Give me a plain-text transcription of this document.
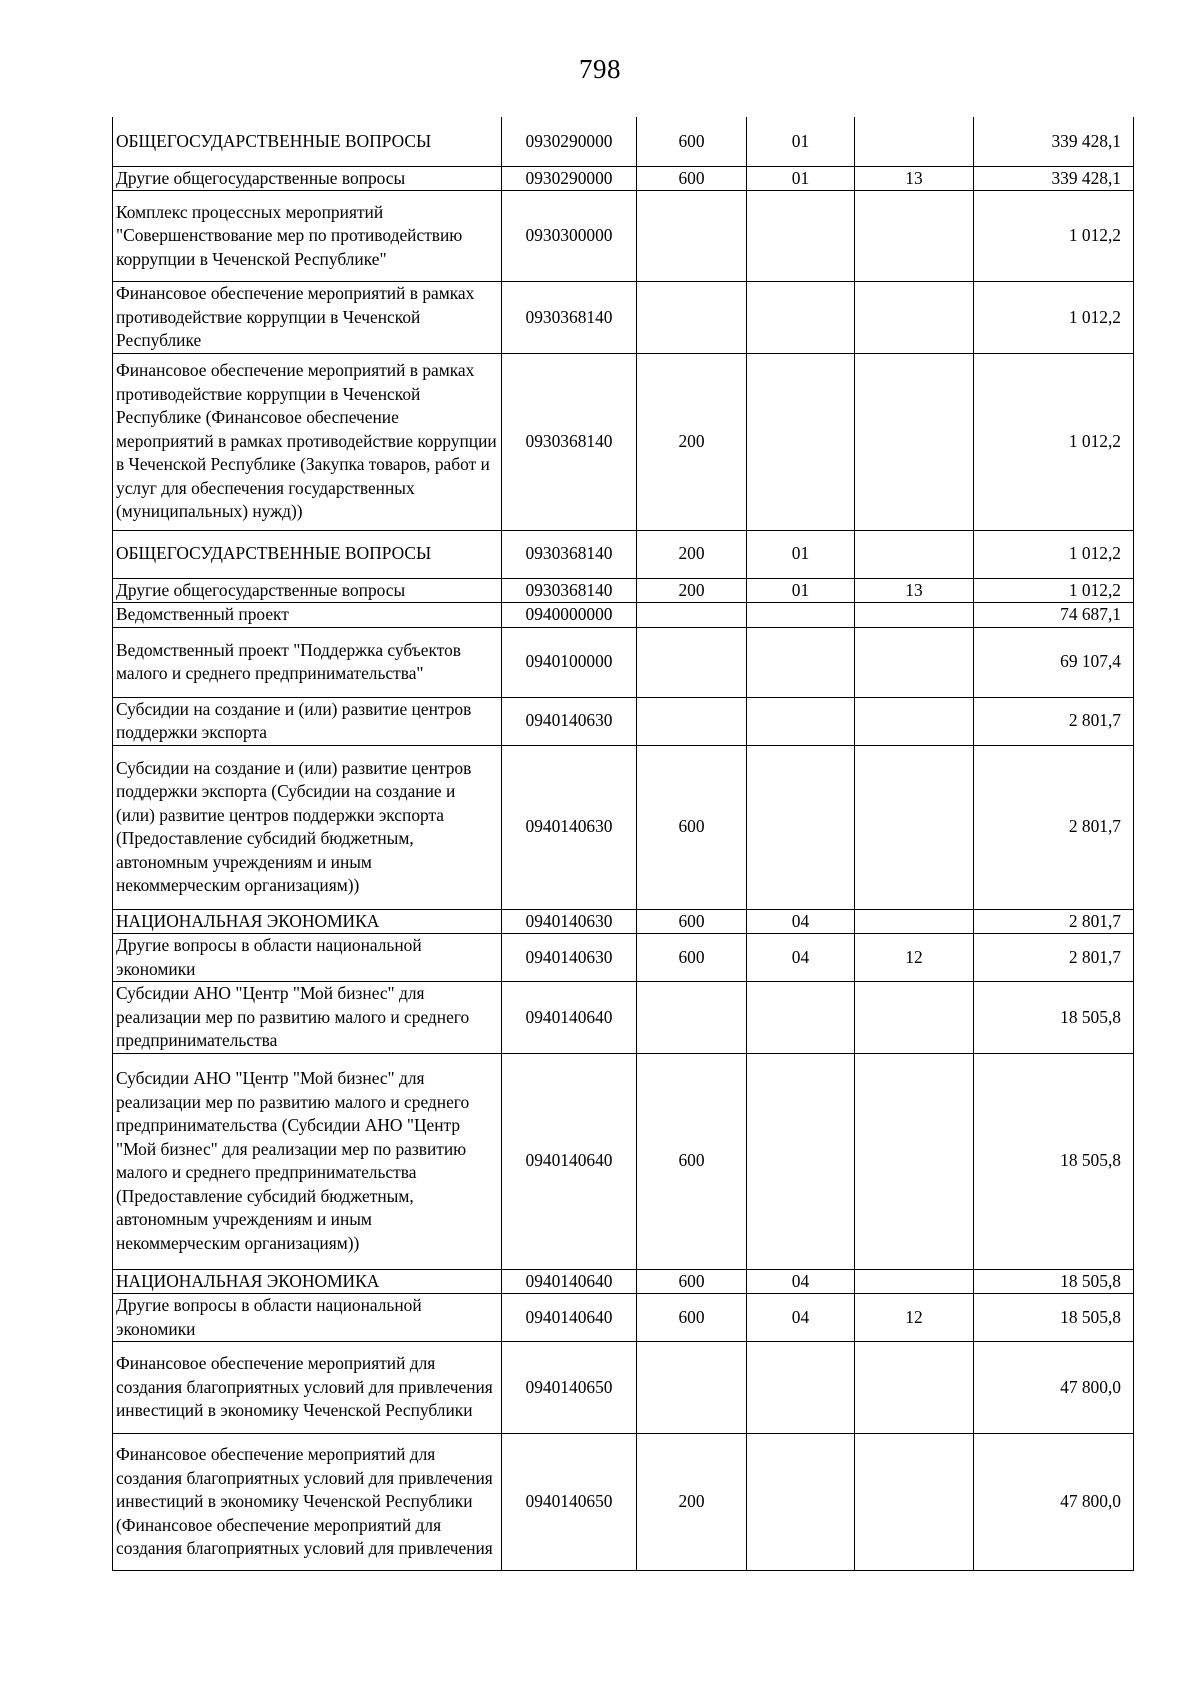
798
ОБЩЕГОСУДАРСТВЕННЫЕ ВОПРОСЫ	0930290000	600	01		339 428,1
Другие общегосударственные вопросы	0930290000	600	01	13	339 428,1
Комплекс процессных мероприятий "Совершенствование мер по противодействию коррупции в Чеченской Республике"	0930300000				1 012,2
Финансовое обеспечение мероприятий в рамках противодействие коррупции в Чеченской Республике	0930368140				1 012,2
Финансовое обеспечение мероприятий в рамках противодействие коррупции в Чеченской Республике (Финансовое обеспечение мероприятий в рамках противодействие коррупции в Чеченской Республике (Закупка товаров, работ и услуг для обеспечения государственных (муниципальных) нужд))	0930368140	200			1 012,2
ОБЩЕГОСУДАРСТВЕННЫЕ ВОПРОСЫ	0930368140	200	01		1 012,2
Другие общегосударственные вопросы	0930368140	200	01	13	1 012,2
Ведомственный проект	0940000000				74 687,1
Ведомственный проект "Поддержка субъектов малого и среднего предпринимательства"	0940100000				69 107,4
Субсидии на создание и (или) развитие центров поддержки экспорта	0940140630				2 801,7
Субсидии на создание и (или) развитие центров поддержки экспорта (Субсидии на создание и (или) развитие центров поддержки экспорта (Предоставление субсидий бюджетным, автономным учреждениям и иным некоммерческим организациям))	0940140630	600			2 801,7
НАЦИОНАЛЬНАЯ ЭКОНОМИКА	0940140630	600	04		2 801,7
Другие вопросы в области национальной экономики	0940140630	600	04	12	2 801,7
Субсидии АНО "Центр "Мой бизнес" для реализации мер по развитию малого и среднего предпринимательства	0940140640				18 505,8
Субсидии АНО "Центр "Мой бизнес" для реализации мер по развитию малого и среднего предпринимательства (Субсидии АНО "Центр "Мой бизнес" для реализации мер по развитию малого и среднего предпринимательства (Предоставление субсидий бюджетным, автономным учреждениям и иным некоммерческим организациям))	0940140640	600			18 505,8
НАЦИОНАЛЬНАЯ ЭКОНОМИКА	0940140640	600	04		18 505,8
Другие вопросы в области национальной экономики	0940140640	600	04	12	18 505,8
Финансовое обеспечение мероприятий для создания благоприятных условий для привлечения инвестиций в экономику Чеченской Республики	0940140650				47 800,0
Финансовое обеспечение мероприятий для создания благоприятных условий для привлечения инвестиций в экономику Чеченской Республики (Финансовое обеспечение мероприятий для создания благоприятных условий для привлечения	0940140650	200			47 800,0
